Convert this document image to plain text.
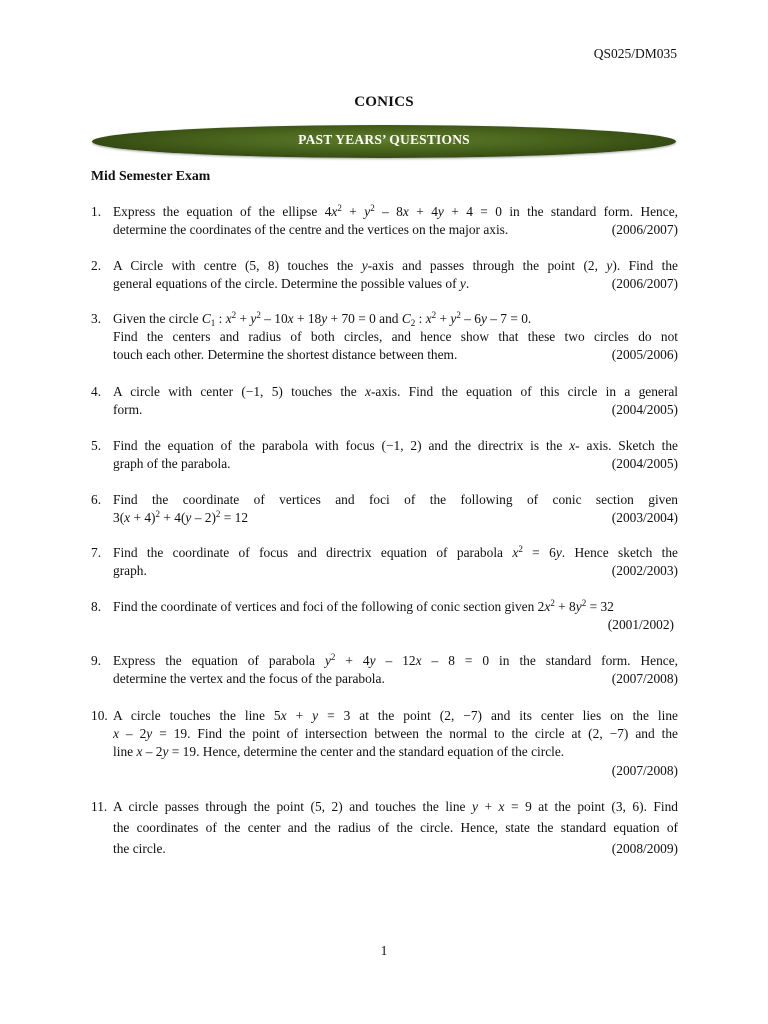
QS025/DM035
CONICS
PAST YEARS’ QUESTIONS
Mid Semester Exam
1. Express the equation of the ellipse $4x^2 + y^2 - 8x + 4y + 4 = 0$ in the standard form. Hence,
determine the coordinates of the centre and the vertices on the major axis.	(2006/2007)
2. A Circle with centre (5, 8) touches the y-axis and passes through the point (2, y). Find the
general equations of the circle. Determine the possible values of y.	(2006/2007)
3. Given the circle $C_1$ : $x^2 + y^2 - 10x + 18y + 70 = 0$ and $C_2$ : $x^2 + y^2 - 6y - 7 = 0$.
Find the centers and radius of both circles, and hence show that these two circles do not
touch each other. Determine the shortest distance between them.	(2005/2006)
4. A circle with center (−1, 5) touches the x-axis. Find the equation of this circle in a general
form.	(2004/2005)
5. Find the equation of the parabola with focus (−1, 2) and the directrix is the x- axis. Sketch the
graph of the parabola.	(2004/2005)
6. Find the coordinate of vertices and foci of the following of conic section given
$3(x + 4)^2 + 4(y - 2)^2 = 12$	(2003/2004)
7. Find the coordinate of focus and directrix equation of parabola $x^2 = 6y$. Hence sketch the
graph.	(2002/2003)
8. Find the coordinate of vertices and foci of the following of conic section given $2x^2 + 8y^2 = 32$
(2001/2002)

9. Express the equation of parabola $y^2 + 4y - 12x - 8 = 0$ in the standard form. Hence,
determine the vertex and the focus of the parabola.	(2007/2008)
10. A circle touches the line 5x + y = 3 at the point (2, −7) and its center lies on the line
x – 2y = 19. Find the point of intersection between the normal to the circle at (2, −7) and the
line x – 2y = 19. Hence, determine the center and the standard equation of the circle.
(2007/2008)

11. A circle passes through the point (5, 2) and touches the line y + x = 9 at the point (3, 6). Find
the coordinates of the center and the radius of the circle. Hence, state the standard equation of
the circle.	(2008/2009)
1
